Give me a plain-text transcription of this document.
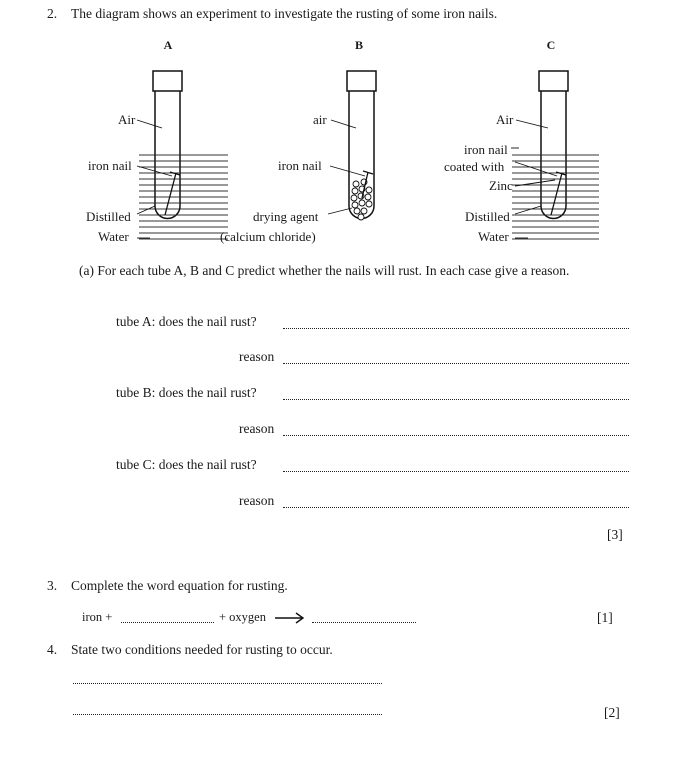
2. The diagram shows an experiment to investigate the rusting of some iron nails.
A	B	C
Air
iron nail
Distilled
Water
air
iron nail
drying agent
(calcium chloride)
Air
iron nail
coated with
Zinc
Distilled
Water
(a) For each tube A, B and C predict whether the nails will rust. In each case give a reason.
tube A: does the nail rust?
reason
tube B: does the nail rust?
reason
tube C: does the nail rust?
reason
[3]
3. Complete the word equation for rusting.
iron +	+ oxygen →	[1]
4. State two conditions needed for rusting to occur.
[2]
